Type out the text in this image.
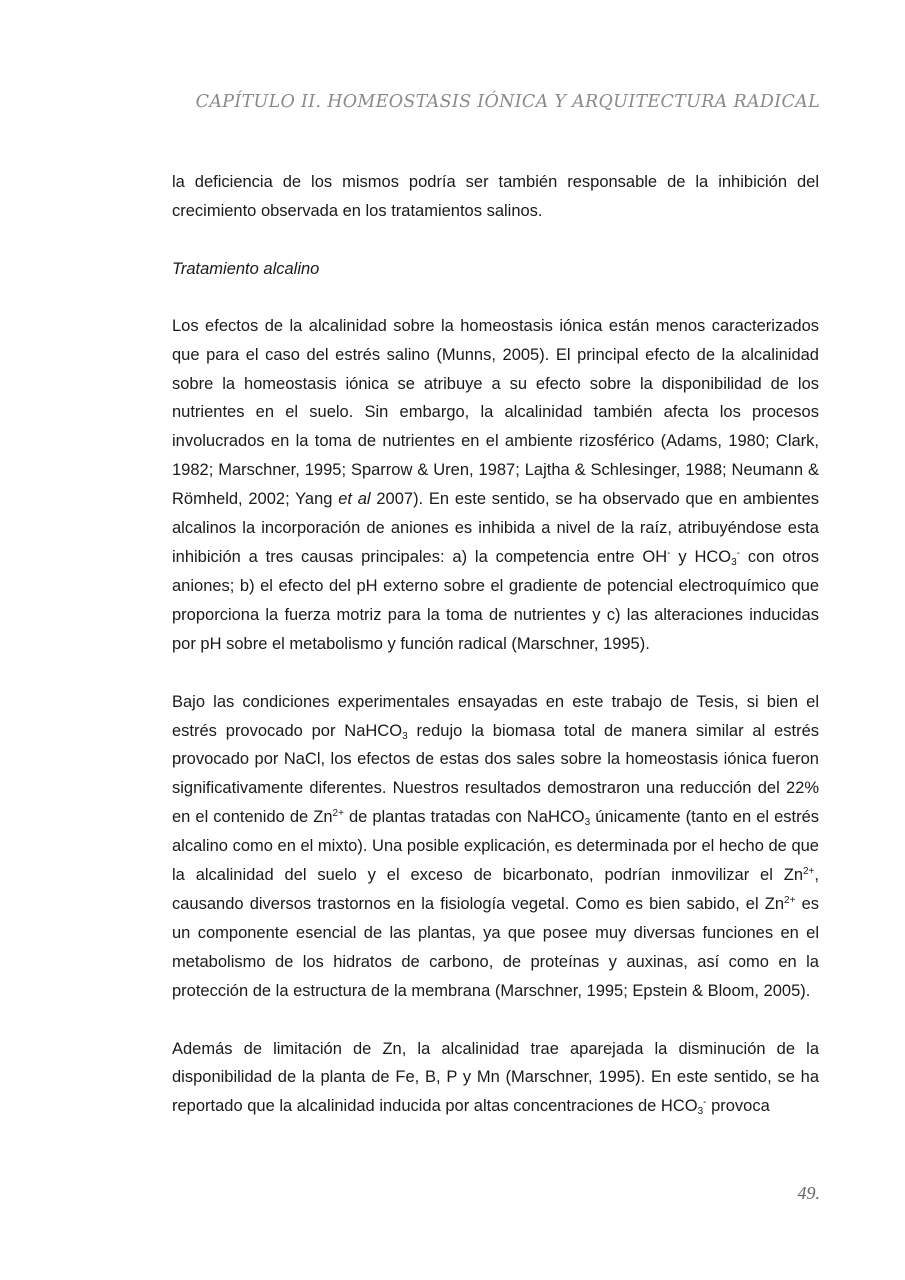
CAPÍTULO II. HOMEOSTASIS IÓNICA Y ARQUITECTURA RADICAL

la deficiencia de los mismos podría ser también responsable de la inhibición del crecimiento observada en los tratamientos salinos.

Tratamiento alcalino

Los efectos de la alcalinidad sobre la homeostasis iónica están menos caracterizados que para el caso del estrés salino (Munns, 2005). El principal efecto de la alcalinidad sobre la homeostasis iónica se atribuye a su efecto sobre la disponibilidad de los nutrientes en el suelo. Sin embargo, la alcalinidad también afecta los procesos involucrados en la toma de nutrientes en el ambiente rizosférico (Adams, 1980; Clark, 1982; Marschner, 1995; Sparrow & Uren, 1987; Lajtha & Schlesinger, 1988; Neumann & Römheld, 2002; Yang et al 2007). En este sentido, se ha observado que en ambientes alcalinos la incorporación de aniones es inhibida a nivel de la raíz, atribuyéndose esta inhibición a tres causas principales: a) la competencia entre OH- y $HCO_3^-$ con otros aniones; b) el efecto del pH externo sobre el gradiente de potencial electroquímico que proporciona la fuerza motriz para la toma de nutrientes y c) las alteraciones inducidas por pH sobre el metabolismo y función radical (Marschner, 1995).

Bajo las condiciones experimentales ensayadas en este trabajo de Tesis, si bien el estrés provocado por NaHCO$_3$ redujo la biomasa total de manera similar al estrés provocado por NaCl, los efectos de estas dos sales sobre la homeostasis iónica fueron significativamente diferentes. Nuestros resultados demostraron una reducción del 22% en el contenido de $Zn^{2+}$ de plantas tratadas con NaHCO$_3$ únicamente (tanto en el estrés alcalino como en el mixto). Una posible explicación, es determinada por el hecho de que la alcalinidad del suelo y el exceso de bicarbonato, podrían inmovilizar el $Zn^{2+}$, causando diversos trastornos en la fisiología vegetal. Como es bien sabido, el $Zn^{2+}$ es un componente esencial de las plantas, ya que posee muy diversas funciones en el metabolismo de los hidratos de carbono, de proteínas y auxinas, así como en la protección de la estructura de la membrana (Marschner, 1995; Epstein & Bloom, 2005).

Además de limitación de Zn, la alcalinidad trae aparejada la disminución de la disponibilidad de la planta de Fe, B, P y Mn (Marschner, 1995). En este sentido, se ha reportado que la alcalinidad inducida por altas concentraciones de $HCO_3^-$ provoca

49.
